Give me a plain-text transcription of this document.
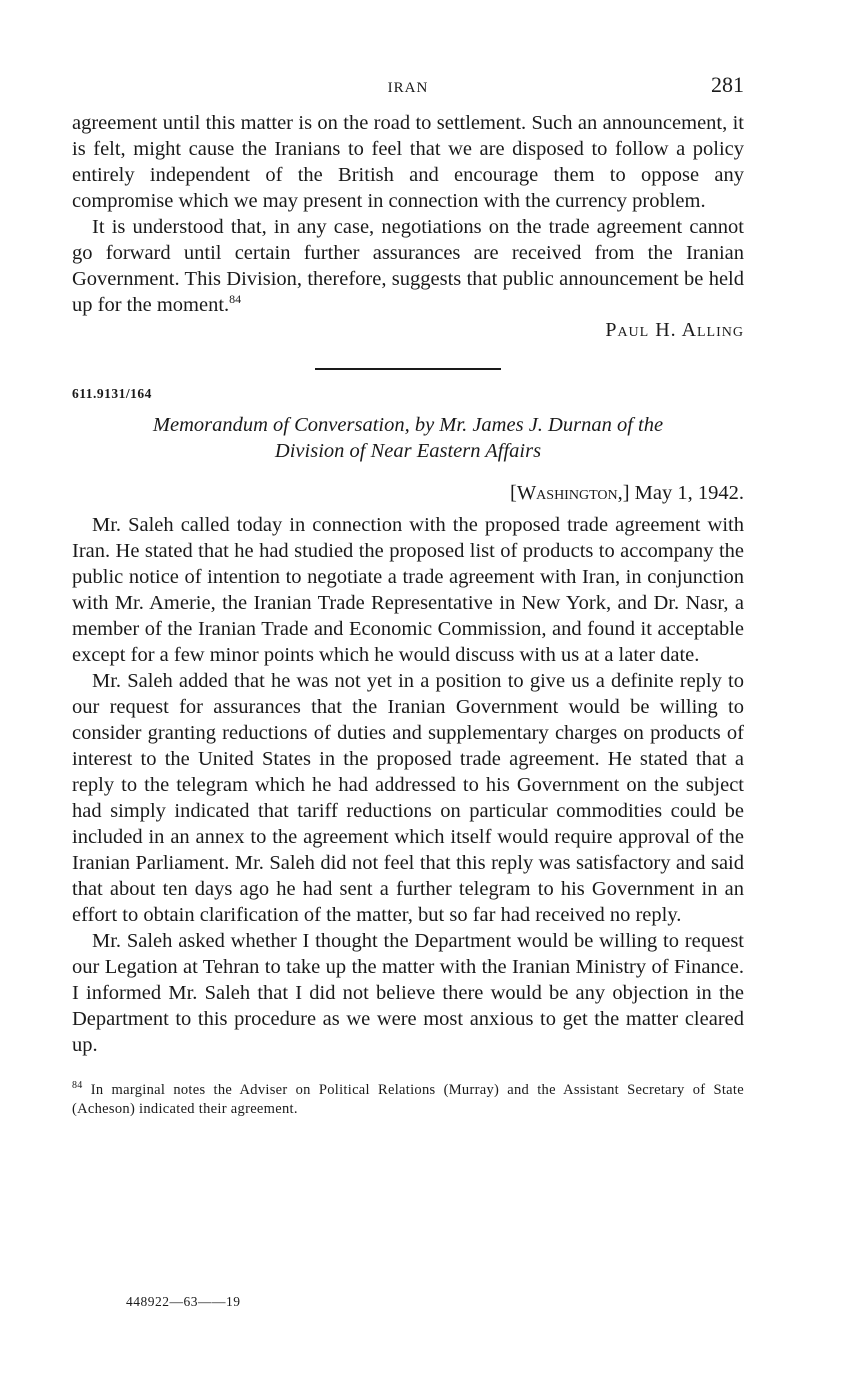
IRAN	281

agreement until this matter is on the road to settlement. Such an announcement, it is felt, might cause the Iranians to feel that we are disposed to follow a policy entirely independent of the British and encourage them to oppose any compromise which we may present in connection with the currency problem.

It is understood that, in any case, negotiations on the trade agreement cannot go forward until certain further assurances are received from the Iranian Government. This Division, therefore, suggests that public announcement be held up for the moment.$^{84}$

Paul H. Alling

611.9131/164

Memorandum of Conversation, by Mr. James J. Durnan of the
Division of Near Eastern Affairs

[Washington,] May 1, 1942.

Mr. Saleh called today in connection with the proposed trade agreement with Iran. He stated that he had studied the proposed list of products to accompany the public notice of intention to negotiate a trade agreement with Iran, in conjunction with Mr. Amerie, the Iranian Trade Representative in New York, and Dr. Nasr, a member of the Iranian Trade and Economic Commission, and found it acceptable except for a few minor points which he would discuss with us at a later date.

Mr. Saleh added that he was not yet in a position to give us a definite reply to our request for assurances that the Iranian Government would be willing to consider granting reductions of duties and supplementary charges on products of interest to the United States in the proposed trade agreement. He stated that a reply to the telegram which he had addressed to his Government on the subject had simply indicated that tariff reductions on particular commodities could be included in an annex to the agreement which itself would require approval of the Iranian Parliament. Mr. Saleh did not feel that this reply was satisfactory and said that about ten days ago he had sent a further telegram to his Government in an effort to obtain clarification of the matter, but so far had received no reply.

Mr. Saleh asked whether I thought the Department would be willing to request our Legation at Tehran to take up the matter with the Iranian Ministry of Finance. I informed Mr. Saleh that I did not believe there would be any objection in the Department to this procedure as we were most anxious to get the matter cleared up.

$^{84}$ In marginal notes the Adviser on Political Relations (Murray) and the Assistant Secretary of State (Acheson) indicated their agreement.

448922—63——19
